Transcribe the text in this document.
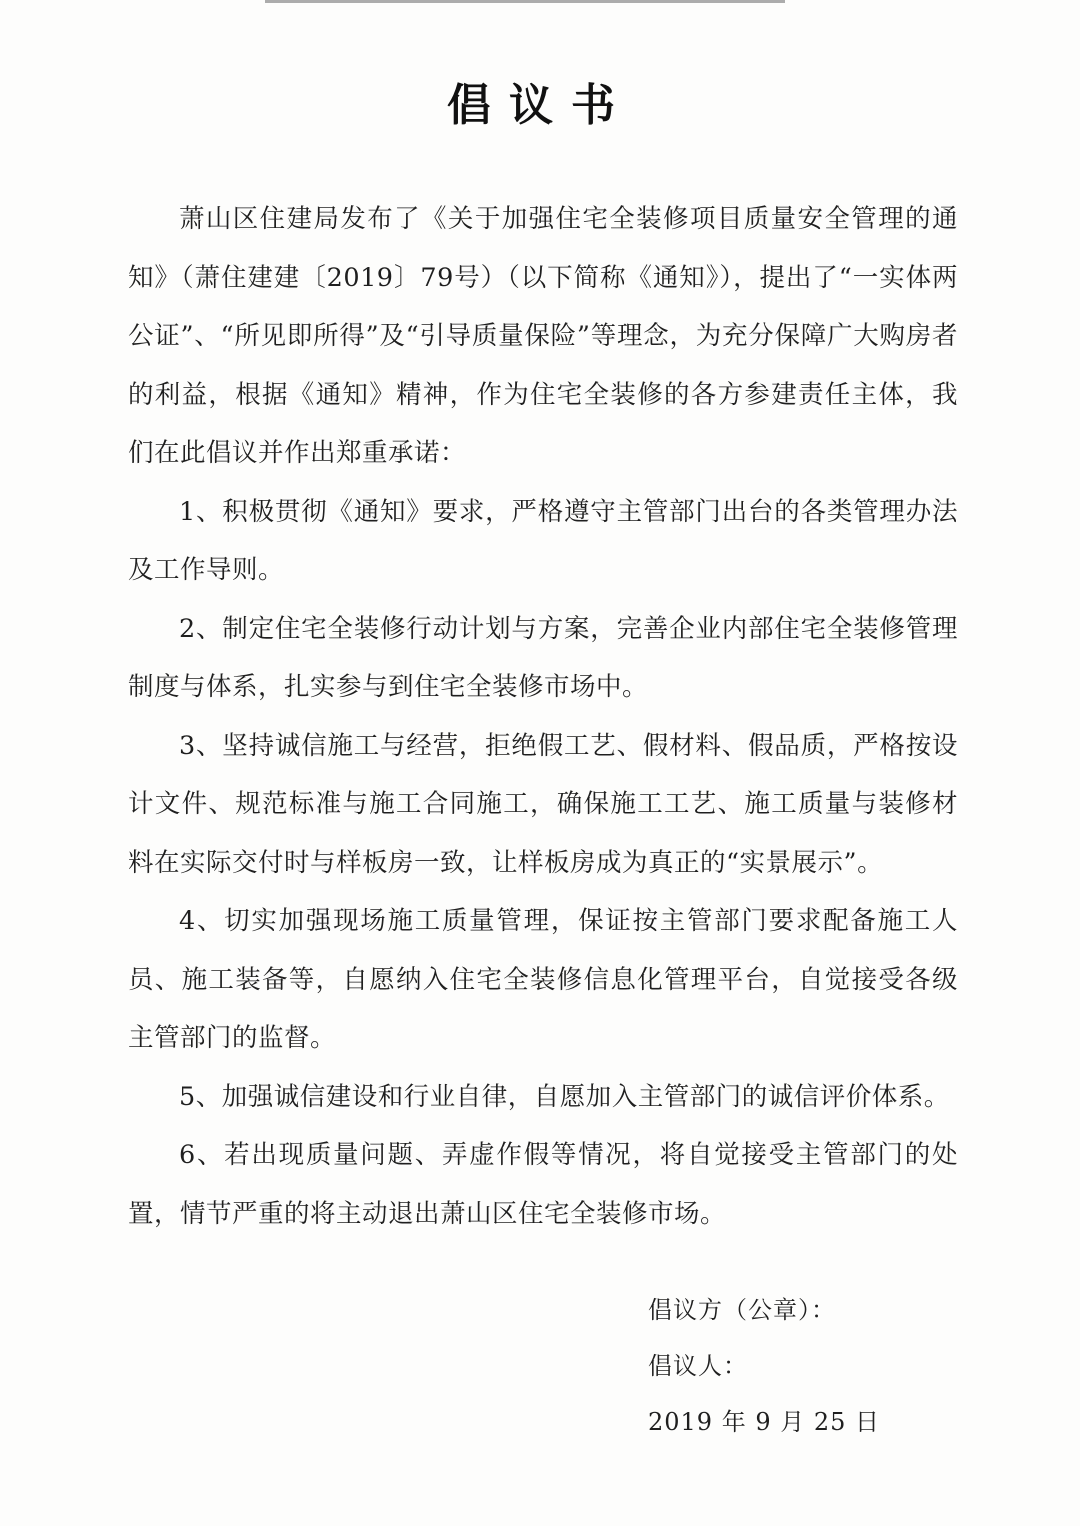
倡议书

萧山区住建局发布了《关于加强住宅全装修项目质量安全管理的通知》（萧住建建〔2019〕79号）（以下简称《通知》），提出了“一实体两公证”、“所见即所得”及“引导质量保险”等理念，为充分保障广大购房者的利益，根据《通知》精神，作为住宅全装修的各方参建责任主体，我们在此倡议并作出郑重承诺：

1、积极贯彻《通知》要求，严格遵守主管部门出台的各类管理办法及工作导则。

2、制定住宅全装修行动计划与方案，完善企业内部住宅全装修管理制度与体系，扎实参与到住宅全装修市场中。

3、坚持诚信施工与经营，拒绝假工艺、假材料、假品质，严格按设计文件、规范标准与施工合同施工，确保施工工艺、施工质量与装修材料在实际交付时与样板房一致，让样板房成为真正的“实景展示”。

4、切实加强现场施工质量管理，保证按主管部门要求配备施工人员、施工装备等，自愿纳入住宅全装修信息化管理平台，自觉接受各级主管部门的监督。

5、加强诚信建设和行业自律，自愿加入主管部门的诚信评价体系。

6、若出现质量问题、弄虚作假等情况，将自觉接受主管部门的处置，情节严重的将主动退出萧山区住宅全装修市场。

倡议方（公章）：

倡议人：

2019 年 9 月 25 日
